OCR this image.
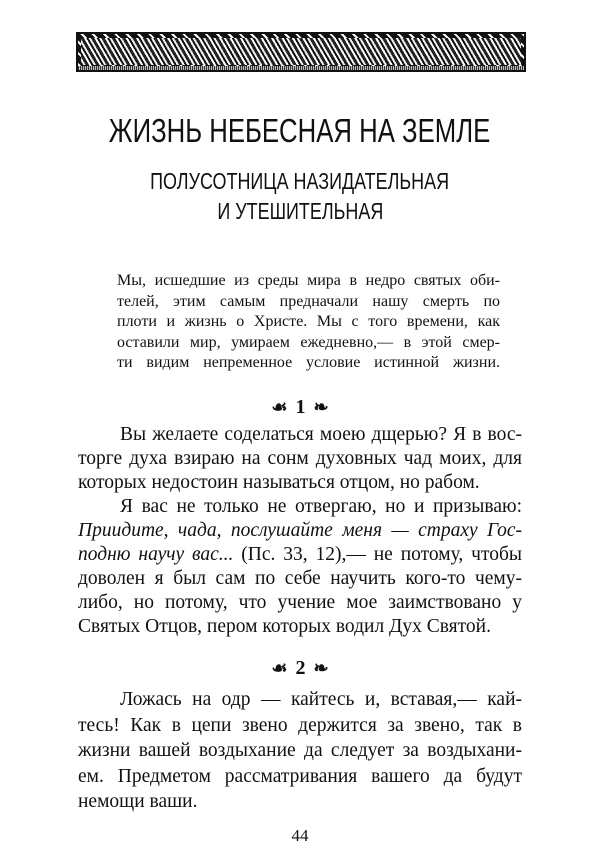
ЖИЗНЬ НЕБЕСНАЯ НА ЗЕМЛЕ
ПОЛУСОТНИЦА НАЗИДАТЕЛЬНАЯ
И УТЕШИТЕЛЬНАЯ
Мы, исшедшие из среды мира в недро святых оби-
телей, этим самым предначали нашу смерть по
плоти и жизнь о Христе. Мы с того времени, как
оставили мир, умираем ежедневно,— в этой смер-
ти видим непременное условие истинной жизни.
☙ 1 ❧
Вы желаете соделаться моею дщерью? Я в вос-
торге духа взираю на сонм духовных чад моих, для
которых недостоин называться отцом, но рабом.
Я вас не только не отвергаю, но и призываю:
Приидите, чада, послушайте меня — страху Гос-
подню научу вас... (Пс. 33, 12),— не потому, чтобы
доволен я был сам по себе научить кого-то чему-
либо, но потому, что учение мое заимствовано у
Святых Отцов, пером которых водил Дух Святой.
☙ 2 ❧
Ложась на одр — кайтесь и, вставая,— кай-
тесь! Как в цепи звено держится за звено, так в
жизни вашей воздыхание да следует за воздыхани-
ем. Предметом рассматривания вашего да будут
немощи ваши.
44
